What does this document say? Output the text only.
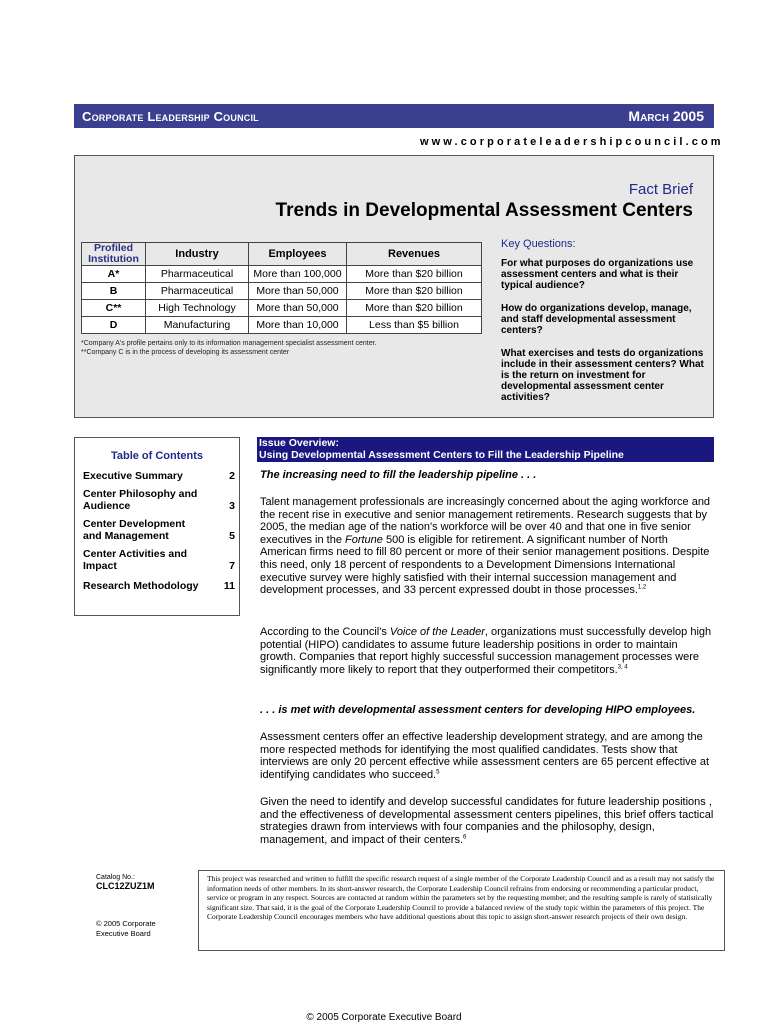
Corporate Leadership Council	March 2005
www.corporateleadershipcouncil.com
Fact Brief
Trends in Developmental Assessment Centers
Profiled Institution	Industry	Employees	Revenues
A*	Pharmaceutical	More than 100,000	More than $20 billion
B	Pharmaceutical	More than 50,000	More than $20 billion
C**	High Technology	More than 50,000	More than $20 billion
D	Manufacturing	More than 10,000	Less than $5 billion
*Company A's profile pertains only to its information management specialist assessment center.
**Company C is in the process of developing its assessment center
Key Questions:
For what purposes do organizations use assessment centers and what is their typical audience?
How do organizations develop, manage, and staff developmental assessment centers?
What exercises and tests do organizations include in their assessment centers? What is the return on investment for developmental assessment center activities?
Table of Contents
Executive Summary	2
Center Philosophy and Audience	3
Center Development and Management	5
Center Activities and Impact	7
Research Methodology	11
Issue Overview:
Using Developmental Assessment Centers to Fill the Leadership Pipeline
The increasing need to fill the leadership pipeline . . .
Talent management professionals are increasingly concerned about the aging workforce and the recent rise in executive and senior management retirements. Research suggests that by 2005, the median age of the nation's workforce will be over 40 and that one in five senior executives in the Fortune 500 is eligible for retirement. A significant number of North American firms need to fill 80 percent or more of their senior management positions. Despite this need, only 18 percent of respondents to a Development Dimensions International executive survey were highly satisfied with their internal succession management and development processes, and 33 percent expressed doubt in those processes.$^{1,2}$
According to the Council's Voice of the Leader, organizations must successfully develop high potential (HIPO) candidates to assume future leadership positions in order to maintain growth. Companies that report highly successful succession management processes were significantly more likely to report that they outperformed their competitors.$^{3, 4}$
. . . is met with developmental assessment centers for developing HIPO employees.
Assessment centers offer an effective leadership development strategy, and are among the more respected methods for identifying the most qualified candidates. Tests show that interviews are only 20 percent effective while assessment centers are 65 percent effective at identifying candidates who succeed.$^5$
Given the need to identify and develop successful candidates for future leadership positions , and the effectiveness of developmental assessment centers pipelines, this brief offers tactical strategies drawn from interviews with four companies and the philosophy, design, management, and impact of their centers.$^6$
Catalog No.:
CLC12ZUZ1M
© 2005 Corporate
Executive Board
This project was researched and written to fulfill the specific research request of a single member of the Corporate Leadership Council and as a result may not satisfy the information needs of other members. In its short-answer research, the Corporate Leadership Council refrains from endorsing or recommending a particular product, service or program in any respect. Sources are contacted at random within the parameters set by the requesting member, and the resulting sample is rarely of statistically significant size. That said, it is the goal of the Corporate Leadership Council to provide a balanced review of the study topic within the parameters of this project. The Corporate Leadership Council encourages members who have additional questions about this topic to assign short-answer research projects of their own design.
© 2005 Corporate Executive Board
